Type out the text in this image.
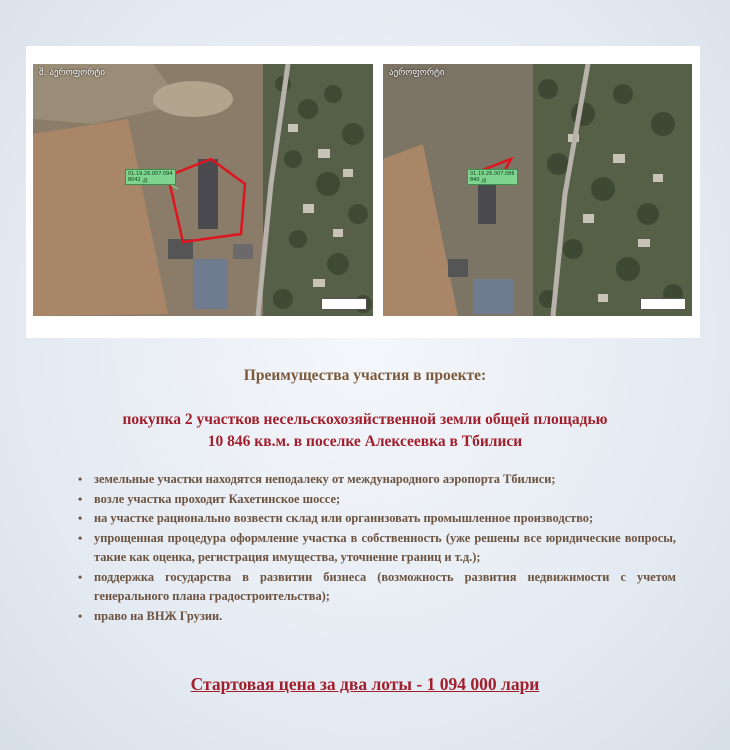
შ. აეროფორტი
01.19.26.007.094
8042 კვ
აეროფორტი
01.19.26.007.086
840 კვ
Преимущества участия в проекте:
покупка 2 участков несельскохозяйственной земли общей площадью
10 846 кв.м. в поселке Алексеевка в Тбилиси
• земельные участки находятся неподалеку от международного аэропорта Тбилиси;
• возле участка проходит Кахетинское шоссе;
• на участке рационально возвести склад или организовать промышленное производство;
• упрощенная процедура оформление участка в собственность (уже решены все юридические вопросы, такие как оценка, регистрация имущества, уточнение границ и т.д.);
• поддержка государства в развитии бизнеса (возможность развития недвижимости с учетом генерального плана градостроительства);
• право на ВНЖ Грузии.
Стартовая цена за два лоты - 1 094 000 лари
